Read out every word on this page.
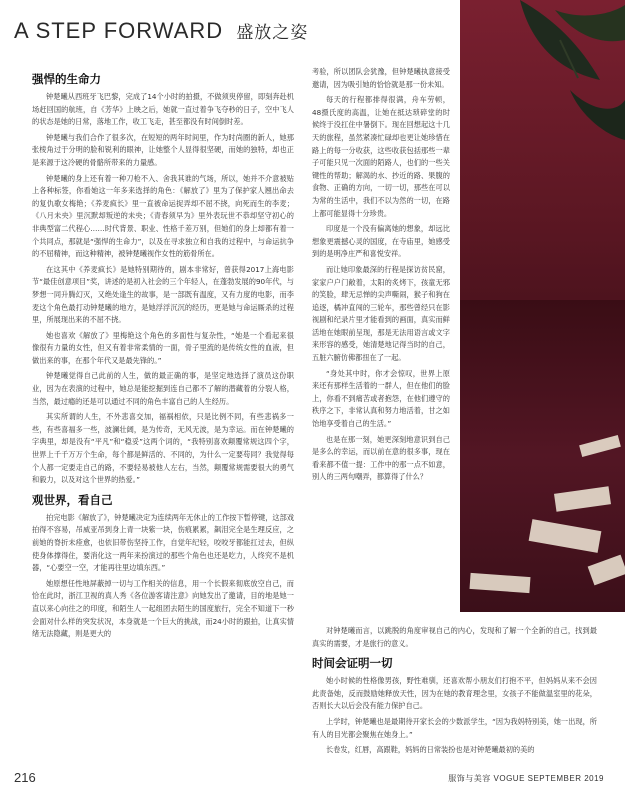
A STEP FORWARD 盛放之姿
强悍的生命力

钟楚曦从西班牙飞巴黎，完成了14个小时的拍摄，不做须臾停留，即刻奔赴机场赶回国的航班，自《芳华》上映之后，她就一直过着争飞夺秒的日子，空中飞人的状态是她的日常，落地工作，收工飞走，甚至都没有时间倒时差。

钟楚曦与我们合作了很多次，在短短的两年时间里，作为时尚圈的新人，她那张棱角过于分明的脸和锐利的眼神，让她整个人显得很坚硬，而她的独特，却也正是来源于这冷硬的骨骼所带来的力量感。

钟楚曦的身上还有着一种刀枪不入、舍我其谁的气场，所以，她并不介意被贴上各种标签，你看她这一年多来选择的角色：《解放了》里为了保护家人翘出命去的复仇歌女梅艳；《养麦疯长》里一直被命运捉弄却不屈不挠，向死而生的李麦；《八月未央》里沉默却叛逆的未央；《青春须早为》里外表玩世不恭却坚守初心的非典型富二代程心……时代背景、职业、性格千差万别，但她们的身上却都有着一个共同点，那就是“强悍的生命力”，以及在寻求独立和自我的过程中，与命运抗争的不屈精神，而这种精神，被钟楚曦视作女性的筋骨所在。

在这其中《养麦疯长》是她特别期待的，剧本非常好，曾获得2017上海电影节“最佳创意项目”奖，讲述的是初入社会的三个年轻人，在蓬勃发展的90年代，与梦想一同升腾幻灭，又绝处逢生的故事，是一部既有温度，又有力度的电影，而李麦这个角色最打动钟楚曦的地方，是她浮浮沉沉的经历，更是她与命运厮杀的过程里，所展现出来的不屈不挠。

她也喜欢《解放了》里梅艳这个角色的多面性与复杂性，“她是一个看起来很像很有力量的女性，但又有着非常柔情的一面，骨子里流的是传统女性的血液，但做出来的事，在那个年代又是最先锋的。”

钟楚曦觉得自己此前的人生，做的最正确的事，是坚定地选择了演员这份职业，因为在表演的过程中，她总是能挖掘到连自己都不了解的潜藏着的分裂人格，当然，最过瘾的还是可以通过不同的角色丰富自己的人生经历。

其实所谓的人生，不外悲喜交加，福祸相依，只是比例不同，有些悲祸多一些，有些喜福多一些，波澜壮阔，是为传奇，无风无波，是为幸运。而在钟楚曦的字典里，却是没有“平凡”和“稳妥”这两个词的，“我特别喜欢颠覆常规这四个字，世界上千千万万个生命，每个都是鲜活的、不同的，为什么一定要苟同？我觉得每个人都一定要走自己的路，不要轻易被他人左右，当然，颠覆常规需要很大的勇气和毅力，以及对这个世界的热爱。”

观世界，看自己

拍完电影《解放了》，钟楚曦决定为连续两年无休止的工作按下暂停键，这部戏拍得不容易，吊威亚吊到身上青一块紫一块，伤痕累累，飙泪完全是生理反应，之前她的脊折未痊愈，也依旧带伤坚持工作，自觉年纪轻，咬咬牙都能扛过去，但纵使身体撑得住，要消化这一两年来扮演过的那些个角色也还是吃力，人终究不是机器，“心要空一空，才能再往里边填东西。”

她原想任性地屏蔽掉一切与工作相关的信息，用一个长假来彻底放空自己，而恰在此时，浙江卫视的真人秀《各位游客请注意》向她发出了邀请，目的地是她一直以来心向往之的印度，和陌生人一起组团去陌生的国度旅行，完全不知道下一秒会面对什么样的突发状况，本身就是一个巨大的挑战，而24小时的跟拍，让真实情绪无法隐藏，则是更大的

考验，所以团队会犹豫，但钟楚曦执意接受邀请，因为吸引她的恰恰就是那一份未知。

每天的行程都排得很满，舟车劳顿，48摄氏度的高温，让她在抵达琐碎堂的时候终于没扛住中暑倒下。现在回想起这十几天的旅程，虽然紧凑忙碌却也更让她珍惜在路上的每一分收获，这些收获包括那些一辈子可能只见一次面的陌路人，也们的一些关键性的帮助；解渴的水、抄近的路、果腹的食物、正确的方向，一切一切，那些在可以为常的生活中，我们不以为然的一切，在路上都可能显得十分珍贵。

印度是一个没有偏离她的想象，却远比想象更震撼心灵的国度，在寺庙里，她感受到的是明净庄严和喜悦安祥。

而让她印象最深的行程是探访贫民窟，家家户户门敞着，太阳的炙烤下，孩童无邪的笑脸，肆无忌惮的尖声嘶闹，猴子和狗在追逐，橘冲直闯的三轮车，那些曾经只在影视剧和纪录片里才能看到的画面，真实而鲜活地在她眼前呈现，那是无法用语言或文字来形容的感受，她清楚地记得当时的自己，五脏六腑仿佛都扭在了一起。

“身处其中时，你才会惊叹，世界上原来还有那样生活着的一群人，但在他们的脸上，你看不到痛苦或者抱怨，在他们遵守的秩序之下，非常认真和努力地活着，甘之如饴地享受着自己的生活。”

也是在那一刻，她更深刻地意识到自己是多么的幸运，而以前在意的很多事，现在看来都不值一提：工作中的那一点不如意，别人的三两句嘲弄，都算得了什么？

对钟楚曦而言，以跳脱的角度审视自己的内心，发现和了解一个全新的自己，找到最真实的需要，才是旅行的意义。

时间会证明一切

她小时候的性格像男孩，野性难驯，还喜欢帮小朋友们打抱不平，但妈妈从来不会因此责备她，反而鼓励她释放天性，因为在她的教育理念里，女孩子不能做温室里的花朵，否则长大以后会没有能力保护自己。

上学时，钟楚曦也是最期待开家长会的少数派学生，“因为我妈特别美，她一出现，所有人的目光都会聚焦在她身上。”

长卷发，红唇，高跟鞋，妈妈的日常装扮也是对钟楚曦最初的美的

216	服饰与美容 VOGUE SEPTEMBER 2019
